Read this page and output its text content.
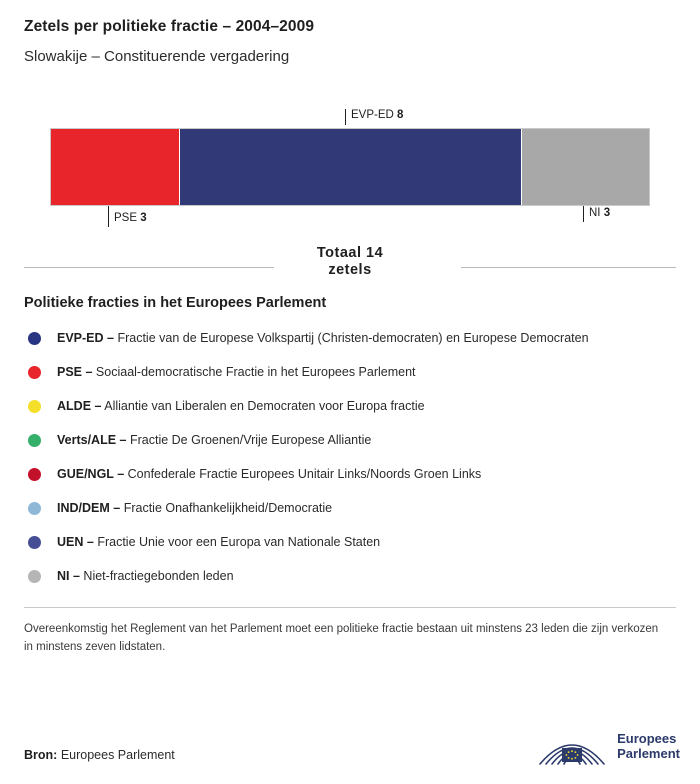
Zetels per politieke fractie – 2004–2009
Slowakije – Constituerende vergadering
EVP-ED 8
PSE 3	NI 3
Totaal 14
zetels
Politieke fracties in het Europees Parlement
EVP-ED – Fractie van de Europese Volkspartij (Christen-democraten) en Europese Democraten
PSE – Sociaal-democratische Fractie in het Europees Parlement
ALDE – Alliantie van Liberalen en Democraten voor Europa fractie
Verts/ALE – Fractie De Groenen/Vrije Europese Alliantie
GUE/NGL – Confederale Fractie Europees Unitair Links/Noords Groen Links
IND/DEM – Fractie Onafhankelijkheid/Democratie
UEN – Fractie Unie voor een Europa van Nationale Staten
NI – Niet-fractiegebonden leden
Overeenkomstig het Reglement van het Parlement moet een politieke fractie bestaan uit minstens 23 leden die zijn verkozen in minstens zeven lidstaten.
Bron: Europees Parlement
Europees
Parlement
